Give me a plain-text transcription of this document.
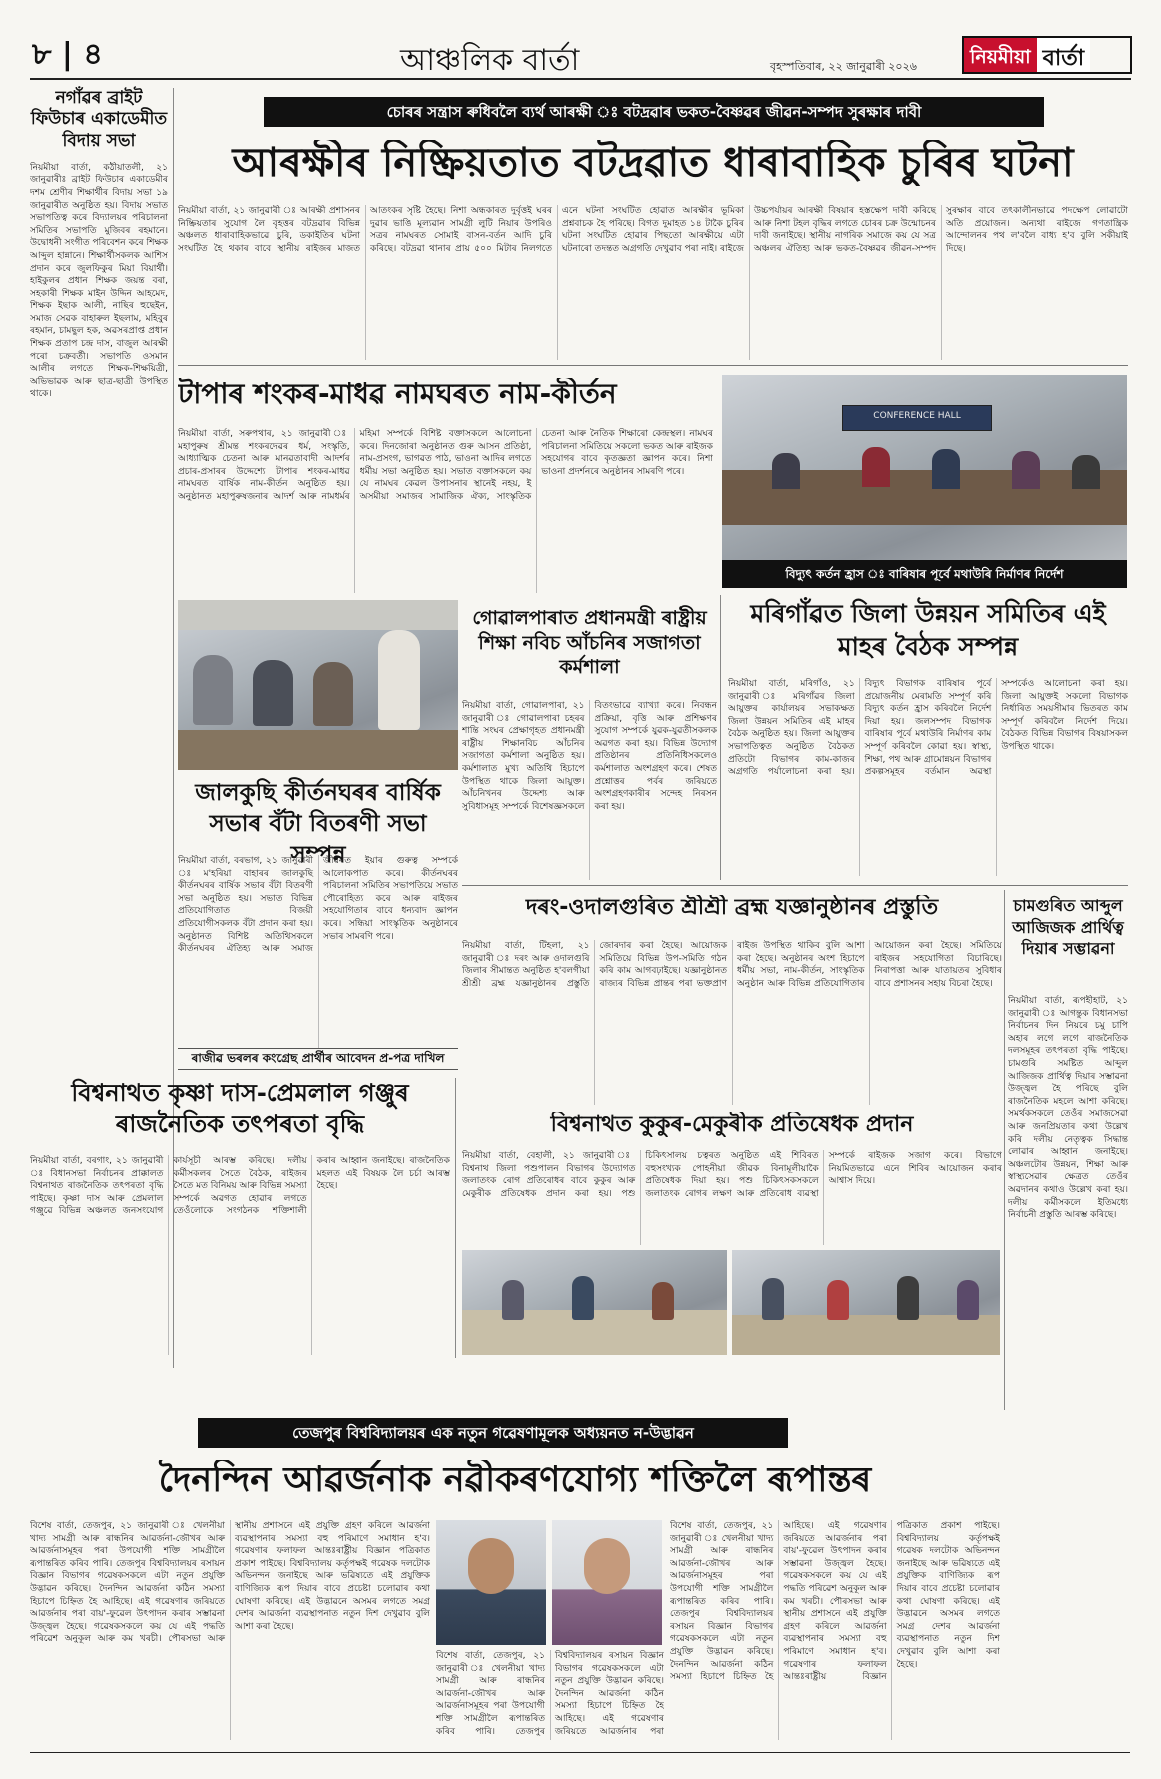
৮ | ৪	আঞ্চলিক বাৰ্তা	বৃহস্পতিবাৰ, ২২ জানুৱাৰী ২০২৬	নিয়মীয়া বাৰ্তা
নগাঁৱৰ ব্ৰাইট ফিউচাৰ একাডেমীত বিদায় সভা
নিয়মীয়া বাৰ্তা, কঠীয়াতলী, ২১ জানুৱাৰীঃ ব্ৰাইট ফিউচাৰ একাডেমীৰ দশম শ্ৰেণীৰ শিক্ষাৰ্থীৰ বিদায় সভা ১৯ জানুৱাৰীত অনুষ্ঠিত হয়। বিদায় সভাত সভাপতিত্ব কৰে বিদ্যালয়ৰ পৰিচালনা সমিতিৰ সভাপতি মুজিবৰ ৰহমানে। উদ্বোধনী সংগীত পৰিবেশন কৰে শিক্ষক আব্দুল হান্নানে। শিক্ষাৰ্থীসকলক আশিস প্ৰদান কৰে জুলফিকুৰ মিয়া বিয়াৰ্থী। হাইকুলৰ প্ৰধান শিক্ষক জয়ন্ত বৰা, সহকাৰী শিক্ষক মাইন উদ্দিন আহমেদ, শিক্ষক ইছাক আলী, নাছিৰ হুছেইন, সমাজ সেৱক বাহাৰুল ইছলাম, মহিবুৰ ৰহমান, চামছুল হক, অৱসৰপ্ৰাপ্ত প্ৰধান শিক্ষক প্ৰতাপ চন্দ্ৰ দাস, বাজুল আৰক্ষী পৰো চক্ৰবৰ্তী। সভাপতি ওসমান আলীৰ লগতে শিক্ষক-শিক্ষয়িত্ৰী, অভিভাৱক আৰু ছাত্ৰ-ছাত্ৰী উপস্থিত থাকে।
চোৰৰ সন্ত্ৰাস ৰুধিবলৈ ব্যৰ্থ আৰক্ষী ঃ বটদ্ৰৱাৰ ভকত-বৈষ্ণৱৰ জীৱন-সম্পদ সুৰক্ষাৰ দাবী
আৰক্ষীৰ নিষ্ক্ৰিয়তাত বটদ্ৰৱাত ধাৰাবাহিক চুৰিৰ ঘটনা
নিয়মীয়া বাৰ্তা, ২১ জানুৱাৰী ঃ আৰক্ষী প্ৰশাসনৰ নিষ্ক্ৰিয়তাৰ সুযোগ লৈ বৃহত্তৰ বটদ্ৰৱাৰ বিভিন্ন অঞ্চলত ধাৰাবাহিকভাৱে চুৰি, ডকাইতিৰ ঘটনা সংঘটিত হৈ থকাৰ বাবে স্থানীয় ৰাইজৰ মাজত আতংকৰ সৃষ্টি হৈছে। নিশা অন্ধকাৰত দুৰ্বৃত্তই ঘৰৰ দুৱাৰ ভাঙি মূল্যৱান সামগ্ৰী লুটি নিয়াৰ উপৰিও সত্ৰৰ নামঘৰত সোমাই বাসন-বৰ্তন আদি চুৰি কৰিছে। বটদ্ৰৱা থানাৰ প্ৰায় ৫০০ মিটাৰ নিলগতে এনে ঘটনা সংঘটিত হোৱাত আৰক্ষীৰ ভূমিকা প্ৰশ্নবাচক হৈ পৰিছে। বিগত দুমাহত ১৪ টাকৈ চুৰিৰ ঘটনা সংঘটিত হোৱাৰ পিছতো আৰক্ষীয়ে এটা ঘটনাৰো তদন্তত অগ্ৰগতি দেখুৱাব পৰা নাই। ৰাইজে উচ্চপৰ্যায়ৰ আৰক্ষী বিষয়াৰ হস্তক্ষেপ দাবী কৰিছে আৰু নিশা টহল বৃদ্ধিৰ লগতে চোৰৰ চক্ৰ উন্মোচনৰ দাবী জনাইছে। স্থানীয় নাগৰিক সমাজে কয় যে সত্ৰ অঞ্চলৰ ঐতিহ্য আৰু ভকত-বৈষ্ণৱৰ জীৱন-সম্পদ সুৰক্ষাৰ বাবে তৎকালীনভাৱে পদক্ষেপ লোৱাটো অতি প্ৰয়োজন। অন্যথা ৰাইজে গণতান্ত্ৰিক আন্দোলনৰ পথ ল'বলৈ বাধ্য হ'ব বুলি সকীয়াই দিছে।
টাপাৰ শংকৰ-মাধৱ নামঘৰত নাম-কীৰ্তন
নিয়মীয়া বাৰ্তা, সৰুপথাৰ, ২১ জানুৱাৰী ঃ মহাপুৰুষ শ্ৰীমন্ত শংকৰদেৱৰ ধৰ্ম, সংস্কৃতি, আধ্যাত্মিক চেতনা আৰু মানৱতাবাদী আদৰ্শৰ প্ৰচাৰ-প্ৰসাৰৰ উদ্দেশ্যে টাপাৰ শংকৰ-মাধৱ নামঘৰত বাৰ্ষিক নাম-কীৰ্তন অনুষ্ঠিত হয়। অনুষ্ঠানত মহাপুৰুষজনাৰ আদৰ্শ আৰু নামধৰ্মৰ মহিমা সম্পৰ্কে বিশিষ্ট বক্তাসকলে আলোচনা কৰে। দিনজোৰা অনুষ্ঠানত গুৰু আসন প্ৰতিষ্ঠা, নাম-প্ৰসংগ, ভাগৱত পাঠ, ভাওনা আদিৰ লগতে ধৰ্মীয় সভা অনুষ্ঠিত হয়। সভাত বক্তাসকলে কয় যে নামঘৰ কেৱল উপাসনাৰ স্থানেই নহয়, ই অসমীয়া সমাজৰ সামাজিক ঐক্য, সাংস্কৃতিক চেতনা আৰু নৈতিক শিক্ষাৰো কেন্দ্ৰস্থল। নামঘৰ পৰিচালনা সমিতিয়ে সকলো ভকত আৰু ৰাইজক সহযোগৰ বাবে কৃতজ্ঞতা জ্ঞাপন কৰে। নিশা ভাওনা প্ৰদৰ্শনৰে অনুষ্ঠানৰ সামৰণি পৰে।
CONFERENCE HALL
বিদ্যুৎ কৰ্তন হ্ৰাস ঃ বাৰিষাৰ পূৰ্বে মথাউৰি নিৰ্মাণৰ নিৰ্দেশ
গোৱালপাৰাত প্ৰধানমন্ত্ৰী ৰাষ্ট্ৰীয় শিক্ষা নবিচ আঁচনিৰ সজাগতা কৰ্মশালা
নিয়মীয়া বাৰ্তা, গোৱালপাৰা, ২১ জানুৱাৰী ঃ গোৱালপাৰা চহৰৰ শান্তি সংঘৰ প্ৰেক্ষাগৃহত প্ৰধানমন্ত্ৰী ৰাষ্ট্ৰীয় শিক্ষানবিচ আঁচনিৰ সজাগতা কৰ্মশালা অনুষ্ঠিত হয়। কৰ্মশালাত মুখ্য অতিথি হিচাপে উপস্থিত থাকে জিলা আয়ুক্ত। আঁচনিখনৰ উদ্দেশ্য আৰু সুবিধাসমূহ সম্পৰ্কে বিশেষজ্ঞসকলে বিতংভাৱে ব্যাখ্যা কৰে। নিবন্ধন প্ৰক্ৰিয়া, বৃত্তি আৰু প্ৰশিক্ষণৰ সুযোগ সম্পৰ্কে যুৱক-যুৱতীসকলক অৱগত কৰা হয়। বিভিন্ন উদ্যোগ প্ৰতিষ্ঠানৰ প্ৰতিনিধিসকলেও কৰ্মশালাত অংশগ্ৰহণ কৰে। শেষত প্ৰশ্নোত্তৰ পৰ্বৰ জৰিয়তে অংশগ্ৰহণকাৰীৰ সন্দেহ নিৰসন কৰা হয়।
মৰিগাঁৱত জিলা উন্নয়ন সমিতিৰ এই মাহৰ বৈঠক সম্পন্ন
নিয়মীয়া বাৰ্তা, মৰিগাঁও, ২১ জানুৱাৰী ঃ মৰিগাঁৱৰ জিলা আয়ুক্তৰ কাৰ্যালয়ৰ সভাকক্ষত জিলা উন্নয়ন সমিতিৰ এই মাহৰ বৈঠক অনুষ্ঠিত হয়। জিলা আয়ুক্তৰ সভাপতিত্বত অনুষ্ঠিত বৈঠকত প্ৰতিটো বিভাগৰ কাম-কাজৰ অগ্ৰগতি পৰ্যালোচনা কৰা হয়। বিদ্যুৎ বিভাগক বাৰিষাৰ পূৰ্বে প্ৰয়োজনীয় মেৰামতি সম্পূৰ্ণ কৰি বিদ্যুৎ কৰ্তন হ্ৰাস কৰিবলৈ নিৰ্দেশ দিয়া হয়। জলসম্পদ বিভাগক বাৰিষাৰ পূৰ্বে মথাউৰি নিৰ্মাণৰ কাম সম্পূৰ্ণ কৰিবলৈ কোৱা হয়। স্বাস্থ্য, শিক্ষা, পথ আৰু গ্ৰামোন্নয়ন বিভাগৰ প্ৰকল্পসমূহৰ বৰ্তমান অৱস্থা সম্পৰ্কেও আলোচনা কৰা হয়। জিলা আয়ুক্তই সকলো বিভাগক নিৰ্ধাৰিত সময়সীমাৰ ভিতৰত কাম সম্পূৰ্ণ কৰিবলৈ নিৰ্দেশ দিয়ে। বৈঠকত বিভিন্ন বিভাগৰ বিষয়াসকল উপস্থিত থাকে।
জালকুছি কীৰ্তনঘৰৰ বাৰ্ষিক সভাৰ বঁটা বিতৰণী সভা সম্পন্ন
নিয়মীয়া বাৰ্তা, বৰভাগ, ২১ জানুৱাৰী ঃ ম'হৰিয়া বাহাৰৰ জালকুছি কীৰ্তনঘৰৰ বাৰ্ষিক সভাৰ বঁটা বিতৰণী সভা অনুষ্ঠিত হয়। সভাত বিভিন্ন প্ৰতিযোগিতাত বিজয়ী প্ৰতিযোগীসকলক বঁটা প্ৰদান কৰা হয়। অনুষ্ঠানত বিশিষ্ট অতিথিসকলে কীৰ্তনঘৰৰ ঐতিহ্য আৰু সমাজ জীৱনত ইয়াৰ গুৰুত্ব সম্পৰ্কে আলোকপাত কৰে। কীৰ্তনঘৰৰ পৰিচালনা সমিতিৰ সভাপতিয়ে সভাত পৌৰোহিত্য কৰে আৰু ৰাইজৰ সহযোগিতাৰ বাবে ধন্যবাদ জ্ঞাপন কৰে। সন্ধিয়া সাংস্কৃতিক অনুষ্ঠানৰে সভাৰ সামৰণি পৰে।
দৰং-ওদালগুৰিত শ্ৰীশ্ৰী ব্ৰহ্ম যজ্ঞানুষ্ঠানৰ প্ৰস্তুতি
নিয়মীয়া বাৰ্তা, টিহলা, ২১ জানুৱাৰী ঃ দৰং আৰু ওদালগুৰি জিলাৰ সীমান্তত অনুষ্ঠিত হ'বলগীয়া শ্ৰীশ্ৰী ব্ৰহ্ম যজ্ঞানুষ্ঠানৰ প্ৰস্তুতি জোৰদাৰ কৰা হৈছে। আয়োজক সমিতিয়ে বিভিন্ন উপ-সমিতি গঠন কৰি কাম আগবঢ়াইছে। যজ্ঞানুষ্ঠানত ৰাজ্যৰ বিভিন্ন প্ৰান্তৰ পৰা ভক্তপ্ৰাণ ৰাইজ উপস্থিত থাকিব বুলি আশা কৰা হৈছে। অনুষ্ঠানৰ অংশ হিচাপে ধৰ্মীয় সভা, নাম-কীৰ্তন, সাংস্কৃতিক অনুষ্ঠান আৰু বিভিন্ন প্ৰতিযোগিতাৰ আয়োজন কৰা হৈছে। সমিতিয়ে ৰাইজৰ সহযোগিতা বিচাৰিছে। নিৰাপত্তা আৰু যাতায়তৰ সুবিধাৰ বাবে প্ৰশাসনৰ সহায় বিচৰা হৈছে।
চামগুৰিত আব্দুল আজিজক প্ৰাৰ্থিত্ব দিয়াৰ সম্ভাৱনা
নিয়মীয়া বাৰ্তা, ৰূপহীহাট, ২১ জানুৱাৰী ঃ আগন্তুক বিধানসভা নিৰ্বাচনৰ দিন নিয়ৰে চমু চাপি অহাৰ লগে লগে ৰাজনৈতিক দলসমূহৰ তৎপৰতা বৃদ্ধি পাইছে। চামগুৰি সমষ্টিত আব্দুল আজিজক প্ৰাৰ্থিত্ব দিয়াৰ সম্ভাৱনা উজ্জ্বল হৈ পৰিছে বুলি ৰাজনৈতিক মহলে আশা কৰিছে। সমৰ্থকসকলে তেওঁৰ সমাজসেৱা আৰু জনপ্ৰিয়তাৰ কথা উল্লেখ কৰি দলীয় নেতৃত্বক সিদ্ধান্ত লোৱাৰ আহ্বান জনাইছে। অঞ্চলটোৰ উন্নয়ন, শিক্ষা আৰু স্বাস্থ্যসেৱাৰ ক্ষেত্ৰত তেওঁৰ অৱদানৰ কথাও উল্লেখ কৰা হয়। দলীয় কৰ্মীসকলে ইতিমধ্যে নিৰ্বাচনী প্ৰস্তুতি আৰম্ভ কৰিছে।
ৰাজীৱ ভৰলৰ কংগ্ৰেছ প্ৰাৰ্থীৰ আবেদন প্ৰ-পত্ৰ দাখিল
বিশ্বনাথত কৃষ্ণা দাস-প্ৰেমলাল গঞ্জুৰ ৰাজনৈতিক তৎপৰতা বৃদ্ধি
নিয়মীয়া বাৰ্তা, বৰগাং, ২১ জানুৱাৰী ঃ বিধানসভা নিৰ্বাচনৰ প্ৰাক্কালত বিশ্বনাথত ৰাজনৈতিক তৎপৰতা বৃদ্ধি পাইছে। কৃষ্ণা দাস আৰু প্ৰেমলাল গঞ্জুৱে বিভিন্ন অঞ্চলত জনসংযোগ কাৰ্যসূচী আৰম্ভ কৰিছে। দলীয় কৰ্মীসকলৰ সৈতে বৈঠক, ৰাইজৰ সৈতে মত বিনিময় আৰু বিভিন্ন সমস্যা সম্পৰ্কে অৱগত হোৱাৰ লগতে তেওঁলোকে সংগঠনক শক্তিশালী কৰাৰ আহ্বান জনাইছে। ৰাজনৈতিক মহলত এই বিষয়ক লৈ চৰ্চা আৰম্ভ হৈছে।
বিশ্বনাথত কুকুৰ-মেকুৰীক প্ৰতিষেধক প্ৰদান
নিয়মীয়া বাৰ্তা, বেহালী, ২১ জানুৱাৰী ঃ বিশ্বনাথ জিলা পশুপালন বিভাগৰ উদ্যোগত জলাতংক ৰোগ প্ৰতিৰোধৰ বাবে কুকুৰ আৰু মেকুৰীক প্ৰতিষেধক প্ৰদান কৰা হয়। পশু চিকিৎসালয় চত্বৰত অনুষ্ঠিত এই শিবিৰত বহুসংখ্যক পোহনীয়া জীৱক বিনামূলীয়াকৈ প্ৰতিষেধক দিয়া হয়। পশু চিকিৎসকসকলে জলাতংক ৰোগৰ লক্ষণ আৰু প্ৰতিৰোধ ব্যৱস্থা সম্পৰ্কে ৰাইজক সজাগ কৰে। বিভাগে নিয়মিতভাৱে এনে শিবিৰ আয়োজন কৰাৰ আশ্বাস দিয়ে।
তেজপুৰ বিশ্ববিদ্যালয়ৰ এক নতুন গৱেষণামূলক অধ্যয়নত ন-উদ্ভাৱন
দৈনন্দিন আৱৰ্জনাক নৱীকৰণযোগ্য শক্তিলৈ ৰূপান্তৰ
বিশেষ বাৰ্তা, তেজপুৰ, ২১ জানুৱাৰী ঃ খেলনীয়া খাদ্য সামগ্ৰী আৰু ৰান্ধনিৰ আৱৰ্জনা-জৌখৰ আৰু আৱৰ্জনাসমূহৰ পৰা উপযোগী শক্তি সামগ্ৰীলৈ ৰূপান্তৰিত কৰিব পাৰি। তেজপুৰ বিশ্ববিদ্যালয়ৰ ৰসায়ন বিজ্ঞান বিভাগৰ গৱেষকসকলে এটা নতুন প্ৰযুক্তি উদ্ভাৱন কৰিছে। দৈনন্দিন আৱৰ্জনা কঠিন সমস্যা হিচাপে চিহ্নিত হৈ আহিছে। এই গৱেষণাৰ জৰিয়তে আৱৰ্জনাৰ পৰা বায়'-ফুৱেল উৎপাদন কৰাৰ সম্ভাৱনা উজ্জ্বল হৈছে। গৱেষকসকলে কয় যে এই পদ্ধতি পৰিৱেশ অনুকূল আৰু কম খৰচী। পৌৰসভা আৰু স্থানীয় প্ৰশাসনে এই প্ৰযুক্তি গ্ৰহণ কৰিলে আৱৰ্জনা ব্যৱস্থাপনাৰ সমস্যা বহু পৰিমাণে সমাধান হ'ব। গৱেষণাৰ ফলাফল আন্তঃৰাষ্ট্ৰীয় বিজ্ঞান পত্ৰিকাত প্ৰকাশ পাইছে। বিশ্ববিদ্যালয় কৰ্তৃপক্ষই গৱেষক দলটোক অভিনন্দন জনাইছে আৰু ভৱিষ্যতে এই প্ৰযুক্তিক বাণিজ্যিক ৰূপ দিয়াৰ বাবে প্ৰচেষ্টা চলোৱাৰ কথা ঘোষণা কৰিছে। এই উদ্ভাৱনে অসমৰ লগতে সমগ্ৰ দেশৰ আৱৰ্জনা ব্যৱস্থাপনাত নতুন দিশ দেখুৱাব বুলি আশা কৰা হৈছে।
বিশেষ বাৰ্তা, তেজপুৰ, ২১ জানুৱাৰী ঃ খেলনীয়া খাদ্য সামগ্ৰী আৰু ৰান্ধনিৰ আৱৰ্জনা-জৌখৰ আৰু আৱৰ্জনাসমূহৰ পৰা উপযোগী শক্তি সামগ্ৰীলৈ ৰূপান্তৰিত কৰিব পাৰি। তেজপুৰ বিশ্ববিদ্যালয়ৰ ৰসায়ন বিজ্ঞান বিভাগৰ গৱেষকসকলে এটা নতুন প্ৰযুক্তি উদ্ভাৱন কৰিছে। দৈনন্দিন আৱৰ্জনা কঠিন সমস্যা হিচাপে চিহ্নিত হৈ আহিছে। এই গৱেষণাৰ জৰিয়তে আৱৰ্জনাৰ পৰা
বিশেষ বাৰ্তা, তেজপুৰ, ২১ জানুৱাৰী ঃ খেলনীয়া খাদ্য সামগ্ৰী আৰু ৰান্ধনিৰ আৱৰ্জনা-জৌখৰ আৰু আৱৰ্জনাসমূহৰ পৰা উপযোগী শক্তি সামগ্ৰীলৈ ৰূপান্তৰিত কৰিব পাৰি। তেজপুৰ বিশ্ববিদ্যালয়ৰ ৰসায়ন বিজ্ঞান বিভাগৰ গৱেষকসকলে এটা নতুন প্ৰযুক্তি উদ্ভাৱন কৰিছে। দৈনন্দিন আৱৰ্জনা কঠিন সমস্যা হিচাপে চিহ্নিত হৈ আহিছে। এই গৱেষণাৰ জৰিয়তে আৱৰ্জনাৰ পৰা বায়'-ফুৱেল উৎপাদন কৰাৰ সম্ভাৱনা উজ্জ্বল হৈছে। গৱেষকসকলে কয় যে এই পদ্ধতি পৰিৱেশ অনুকূল আৰু কম খৰচী। পৌৰসভা আৰু স্থানীয় প্ৰশাসনে এই প্ৰযুক্তি গ্ৰহণ কৰিলে আৱৰ্জনা ব্যৱস্থাপনাৰ সমস্যা বহু পৰিমাণে সমাধান হ'ব। গৱেষণাৰ ফলাফল আন্তঃৰাষ্ট্ৰীয় বিজ্ঞান পত্ৰিকাত প্ৰকাশ পাইছে। বিশ্ববিদ্যালয় কৰ্তৃপক্ষই গৱেষক দলটোক অভিনন্দন জনাইছে আৰু ভৱিষ্যতে এই প্ৰযুক্তিক বাণিজ্যিক ৰূপ দিয়াৰ বাবে প্ৰচেষ্টা চলোৱাৰ কথা ঘোষণা কৰিছে। এই উদ্ভাৱনে অসমৰ লগতে সমগ্ৰ দেশৰ আৱৰ্জনা ব্যৱস্থাপনাত নতুন দিশ দেখুৱাব বুলি আশা কৰা হৈছে।
